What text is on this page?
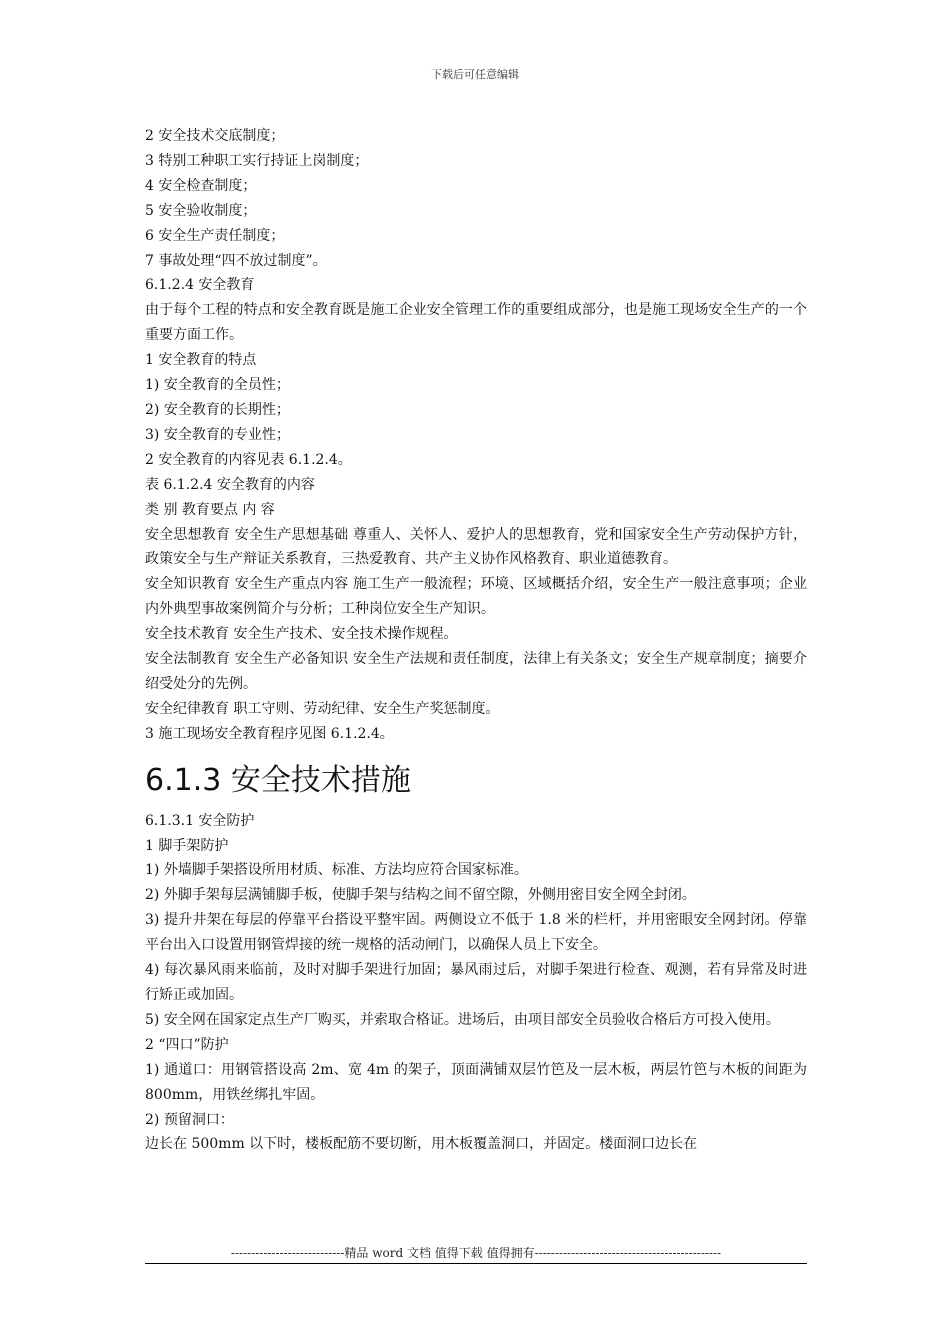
下载后可任意编辑

2 安全技术交底制度；

3 特别工种职工实行持证上岗制度；

4 安全检查制度；

5 安全验收制度；

6 安全生产责任制度；

7 事故处理“四不放过制度”。

6.1.2.4 安全教育

由于每个工程的特点和安全教育既是施工企业安全管理工作的重要组成部分，也是施工现场安全生产的一个重要方面工作。

1 安全教育的特点

1) 安全教育的全员性；

2) 安全教育的长期性；

3) 安全教育的专业性；

2 安全教育的内容见表 6.1.2.4。

表 6.1.2.4 安全教育的内容

类 别 教育要点 内 容

安全思想教育 安全生产思想基础 尊重人、关怀人、爱护人的思想教育，党和国家安全生产劳动保护方针，政策安全与生产辩证关系教育，三热爱教育、共产主义协作风格教育、职业道德教育。

安全知识教育 安全生产重点内容 施工生产一般流程；环境、区域概括介绍，安全生产一般注意事项；企业内外典型事故案例简介与分析；工种岗位安全生产知识。

安全技术教育 安全生产技术、安全技术操作规程。

安全法制教育 安全生产必备知识 安全生产法规和责任制度，法律上有关条文；安全生产规章制度；摘要介绍受处分的先例。

安全纪律教育 职工守则、劳动纪律、安全生产奖惩制度。

3 施工现场安全教育程序见图 6.1.2.4。

6.1.3 安全技术措施

6.1.3.1 安全防护

1 脚手架防护

1) 外墙脚手架搭设所用材质、标准、方法均应符合国家标准。

2) 外脚手架每层满铺脚手板，使脚手架与结构之间不留空隙，外侧用密目安全网全封闭。

3) 提升井架在每层的停靠平台搭设平整牢固。两侧设立不低于 1.8 米的栏杆，并用密眼安全网封闭。停靠平台出入口设置用钢管焊接的统一规格的活动闸门，以确保人员上下安全。

4) 每次暴风雨来临前，及时对脚手架进行加固；暴风雨过后，对脚手架进行检查、观测，若有异常及时进行矫正或加固。

5) 安全网在国家定点生产厂购买，并索取合格证。进场后，由项目部安全员验收合格后方可投入使用。

2 “四口”防护

1) 通道口：用钢管搭设高 2m、宽 4m 的架子，顶面满铺双层竹笆及一层木板，两层竹笆与木板的间距为 800mm，用铁丝绑扎牢固。

2) 预留洞口：

边长在 500mm 以下时，楼板配筋不要切断，用木板覆盖洞口，并固定。楼面洞口边长在

----------------------------精品 word 文档 值得下载 值得拥有----------------------------------------------
